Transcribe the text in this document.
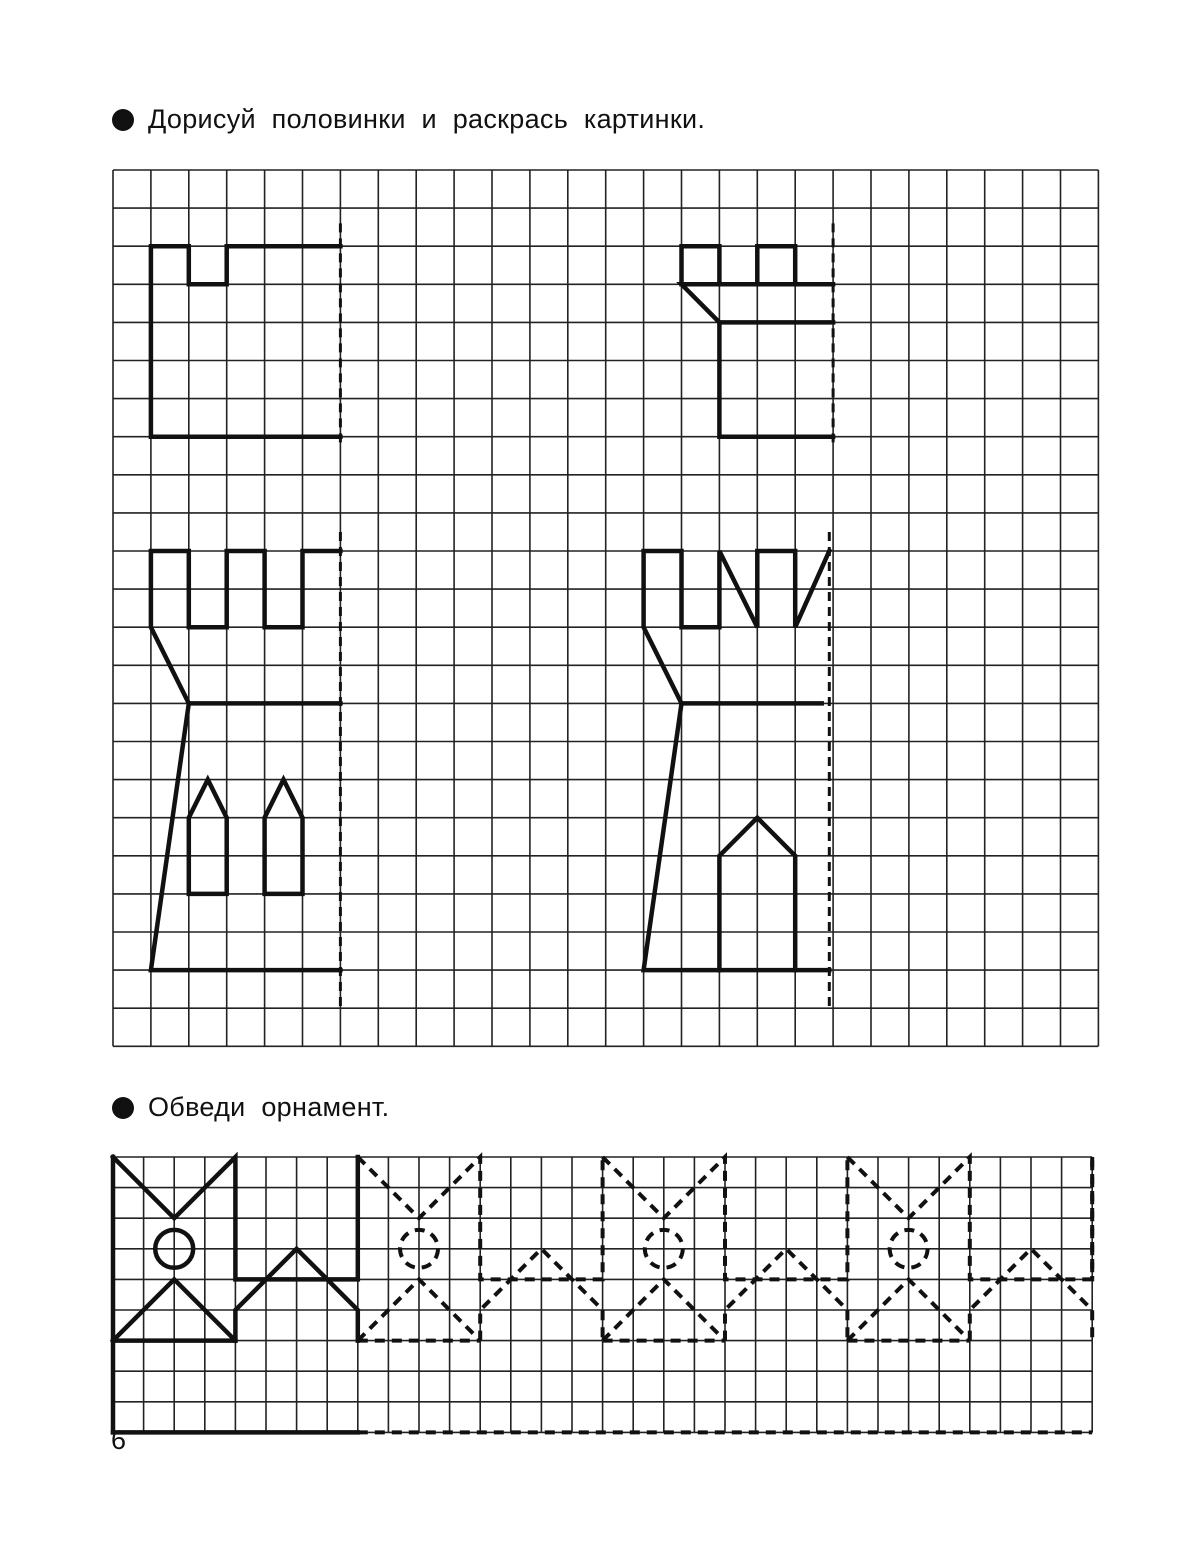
Дорисуй половинки и раскрась картинки.
Обведи орнамент.
6
